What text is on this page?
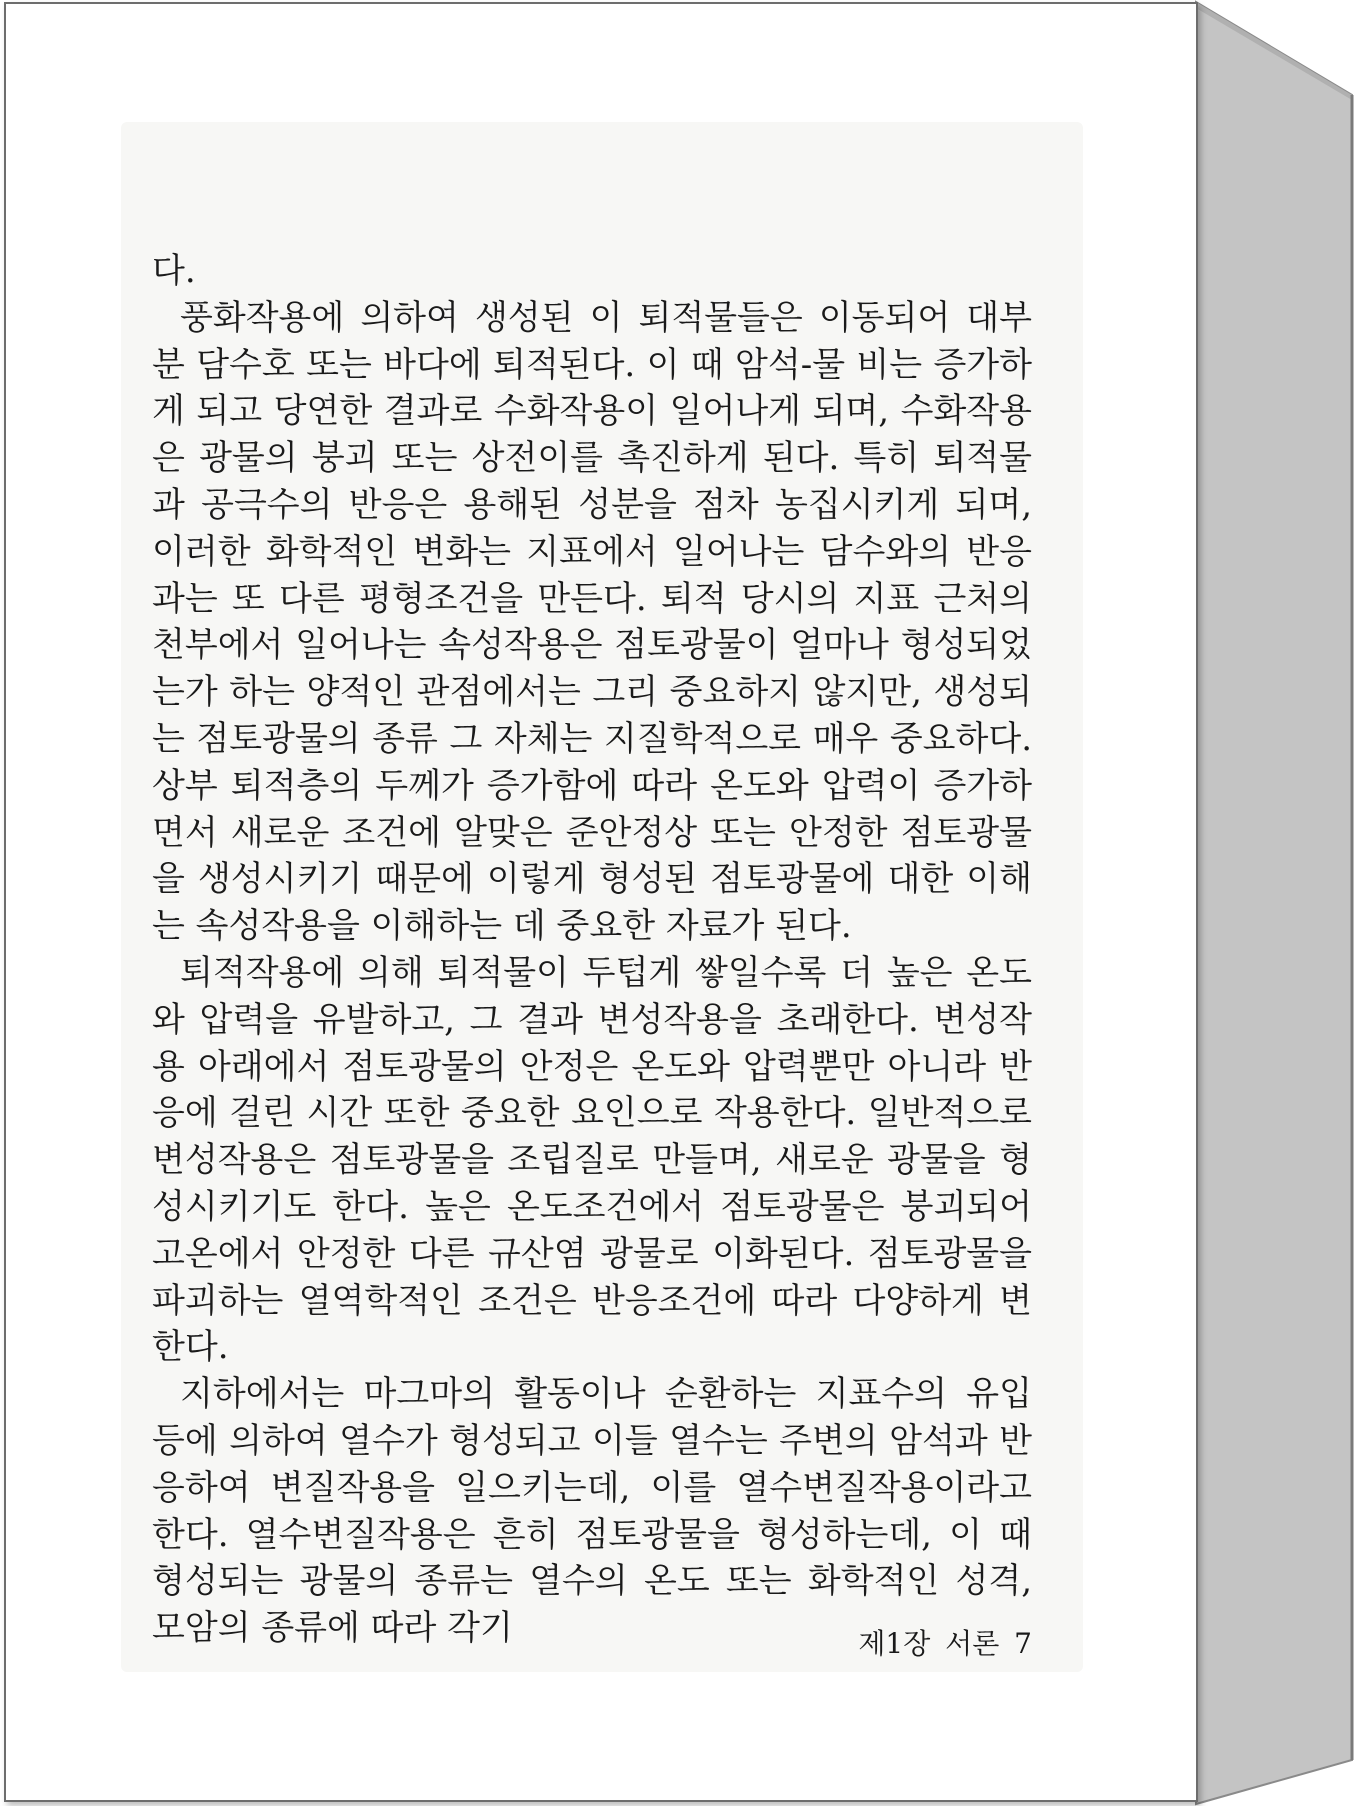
다.

풍화작용에 의하여 생성된 이 퇴적물들은 이동되어 대부분 담수호 또는 바다에 퇴적된다. 이 때 암석-물 비는 증가하게 되고 당연한 결과로 수화작용이 일어나게 되며, 수화작용은 광물의 붕괴 또는 상전이를 촉진하게 된다. 특히 퇴적물과 공극수의 반응은 용해된 성분을 점차 농집시키게 되며, 이러한 화학적인 변화는 지표에서 일어나는 담수와의 반응과는 또 다른 평형조건을 만든다. 퇴적 당시의 지표 근처의 천부에서 일어나는 속성작용은 점토광물이 얼마나 형성되었는가 하는 양적인 관점에서는 그리 중요하지 않지만, 생성되는 점토광물의 종류 그 자체는 지질학적으로 매우 중요하다. 상부 퇴적층의 두께가 증가함에 따라 온도와 압력이 증가하면서 새로운 조건에 알맞은 준안정상 또는 안정한 점토광물을 생성시키기 때문에 이렇게 형성된 점토광물에 대한 이해는 속성작용을 이해하는 데 중요한 자료가 된다.

퇴적작용에 의해 퇴적물이 두텁게 쌓일수록 더 높은 온도와 압력을 유발하고, 그 결과 변성작용을 초래한다. 변성작용 아래에서 점토광물의 안정은 온도와 압력뿐만 아니라 반응에 걸린 시간 또한 중요한 요인으로 작용한다. 일반적으로 변성작용은 점토광물을 조립질로 만들며, 새로운 광물을 형성시키기도 한다. 높은 온도조건에서 점토광물은 붕괴되어 고온에서 안정한 다른 규산염 광물로 이화된다. 점토광물을 파괴하는 열역학적인 조건은 반응조건에 따라 다양하게 변한다.

지하에서는 마그마의 활동이나 순환하는 지표수의 유입 등에 의하여 열수가 형성되고 이들 열수는 주변의 암석과 반응하여 변질작용을 일으키는데, 이를 열수변질작용이라고 한다. 열수변질작용은 흔히 점토광물을 형성하는데, 이 때 형성되는 광물의 종류는 열수의 온도 또는 화학적인 성격, 모암의 종류에 따라 각기	제1장 서론 7
